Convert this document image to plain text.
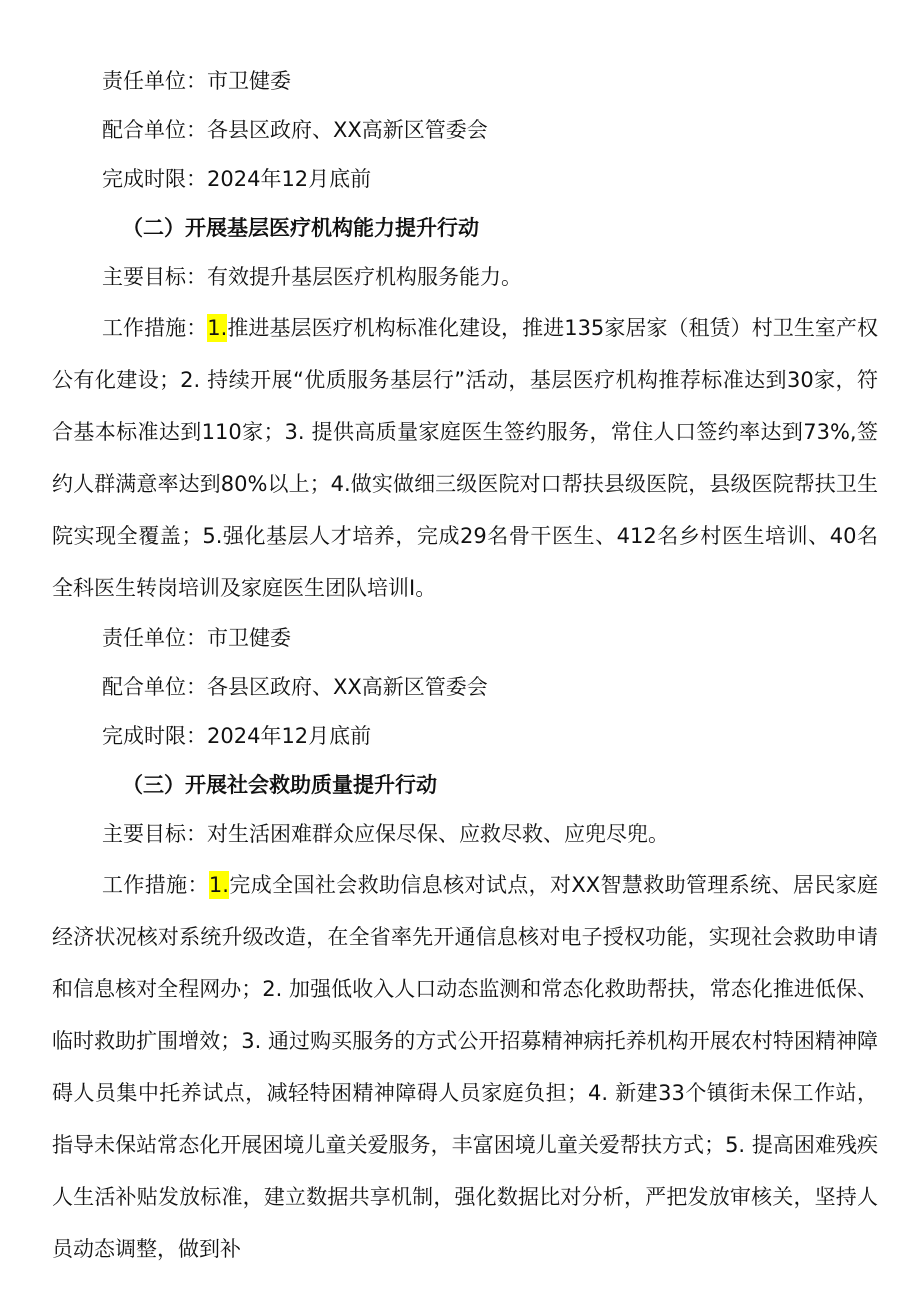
责任单位：市卫健委

配合单位：各县区政府、XX高新区管委会

完成时限：2024年12月底前

（二）开展基层医疗机构能力提升行动

主要目标：有效提升基层医疗机构服务能力。

工作措施：1.推进基层医疗机构标准化建设，推进135家居家（租赁）村卫生室产权公有化建设；2. 持续开展“优质服务基层行”活动，基层医疗机构推荐标准达到30家，符合基本标准达到110家；3. 提供高质量家庭医生签约服务，常住人口签约率达到73%,签约人群满意率达到80%以上；4.做实做细三级医院对口帮扶县级医院，县级医院帮扶卫生院实现全覆盖；5.强化基层人才培养，完成29名骨干医生、412名乡村医生培训、40名全科医生转岗培训及家庭医生团队培训I。

责任单位：市卫健委

配合单位：各县区政府、XX高新区管委会

完成时限：2024年12月底前

（三）开展社会救助质量提升行动

主要目标：对生活困难群众应保尽保、应救尽救、应兜尽兜。

工作措施：1.完成全国社会救助信息核对试点，对XX智慧救助管理系统、居民家庭经济状况核对系统升级改造，在全省率先开通信息核对电子授权功能，实现社会救助申请和信息核对全程网办；2. 加强低收入人口动态监测和常态化救助帮扶，常态化推进低保、临时救助扩围增效；3. 通过购买服务的方式公开招募精神病托养机构开展农村特困精神障碍人员集中托养试点，减轻特困精神障碍人员家庭负担；4. 新建33个镇街未保工作站，指导未保站常态化开展困境儿童关爱服务，丰富困境儿童关爱帮扶方式；5. 提高困难残疾人生活补贴发放标准，建立数据共享机制，强化数据比对分析，严把发放审核关，坚持人员动态调整，做到补
